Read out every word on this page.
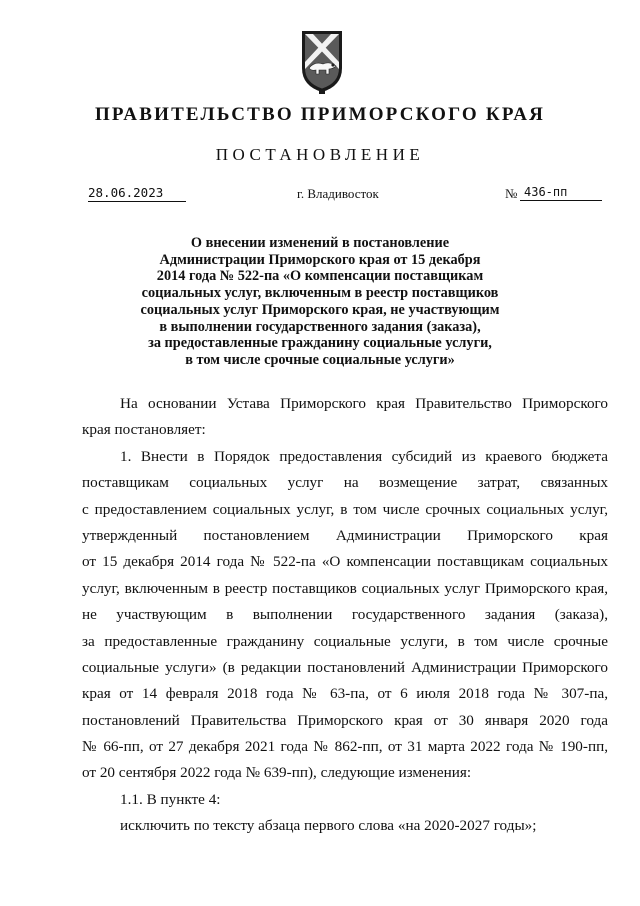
ПРАВИТЕЛЬСТВО ПРИМОРСКОГО КРАЯ
ПОСТАНОВЛЕНИЕ
28.06.2023	г. Владивосток	№ 436-пп
О внесении изменений в постановление
Администрации Приморского края от 15 декабря
2014 года № 522-па «О компенсации поставщикам
социальных услуг, включенным в реестр поставщиков
социальных услуг Приморского края, не участвующим
в выполнении государственного задания (заказа),
за предоставленные гражданину социальные услуги,
в том числе срочные социальные услуги»
На основании Устава Приморского края Правительство Приморского
края постановляет:
1. Внести в Порядок предоставления субсидий из краевого бюджета
поставщикам социальных услуг на возмещение затрат, связанных
с предоставлением социальных услуг, в том числе срочных социальных услуг,
утвержденный постановлением Администрации Приморского края
от 15 декабря 2014 года № 522-па «О компенсации поставщикам социальных
услуг, включенным в реестр поставщиков социальных услуг Приморского края,
не участвующим в выполнении государственного задания (заказа),
за предоставленные гражданину социальные услуги, в том числе срочные
социальные услуги» (в редакции постановлений Администрации Приморского
края от 14 февраля 2018 года № 63-па, от 6 июля 2018 года № 307-па,
постановлений Правительства Приморского края от 30 января 2020 года
№ 66-пп, от 27 декабря 2021 года № 862-пп, от 31 марта 2022 года № 190-пп,
от 20 сентября 2022 года № 639-пп), следующие изменения:
1.1. В пункте 4:
исключить по тексту абзаца первого слова «на 2020-2027 годы»;
